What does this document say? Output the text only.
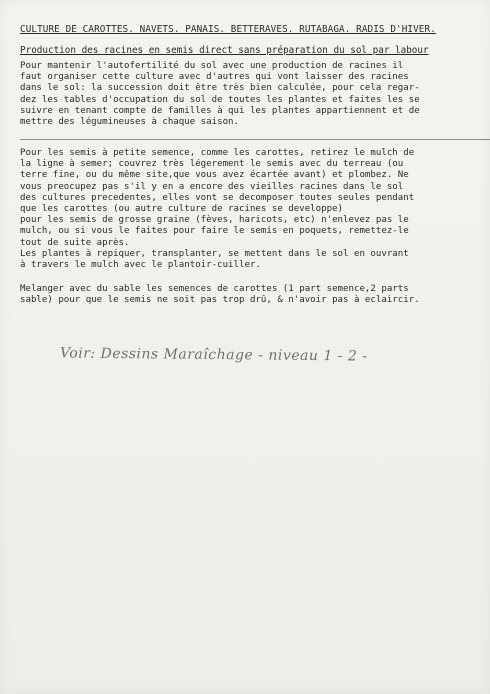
CULTURE DE CAROTTES. NAVETS. PANAIS. BETTERAVES. RUTABAGA. RADIS D'HIVER.
Production des racines en semis direct sans préparation du sol par labour

Pour mantenir l'autofertilité du sol avec une production de racines il
faut organiser cette culture avec d'autres qui vont laisser des racines
dans le sol: la succession doit être très bien calculée, pour cela regar-
dez les tables d'occupation du sol de toutes les plantes et faites les se
suivre en tenant compte de familles à qui les plantes appartiennent et de
mettre des légumineuses à chaque saison.

Pour les semis à petite semence, comme les carottes, retirez le mulch de
la ligne à semer; couvrez très légerement le semis avec du terreau (ou
terre fine, ou du même site,que vous avez écartée avant) et plombez. Ne
vous preocupez pas s'il y en a encore des vieilles racines dans le sol
des cultures precedentes, elles vont se decomposer toutes seules pendant
que les carottes (ou autre culture de racines se developpe)
pour les semis de grosse graine (fèves, haricots, etc) n'enlevez pas le
mulch, ou si vous le faites pour faire le semis en poquets, remettez-le
tout de suite après.
Les plantes à repiquer, transplanter, se mettent dans le sol en ouvrant
à travers le mulch avec le plantoir-cuiller.

Melanger avec du sable les semences de carottes (1 part semence,2 parts
sable) pour que le semis ne soit pas trop drû, & n'avoir pas à eclaircir.

Voir: Dessins Maraîchage - niveau 1 - 2 -
